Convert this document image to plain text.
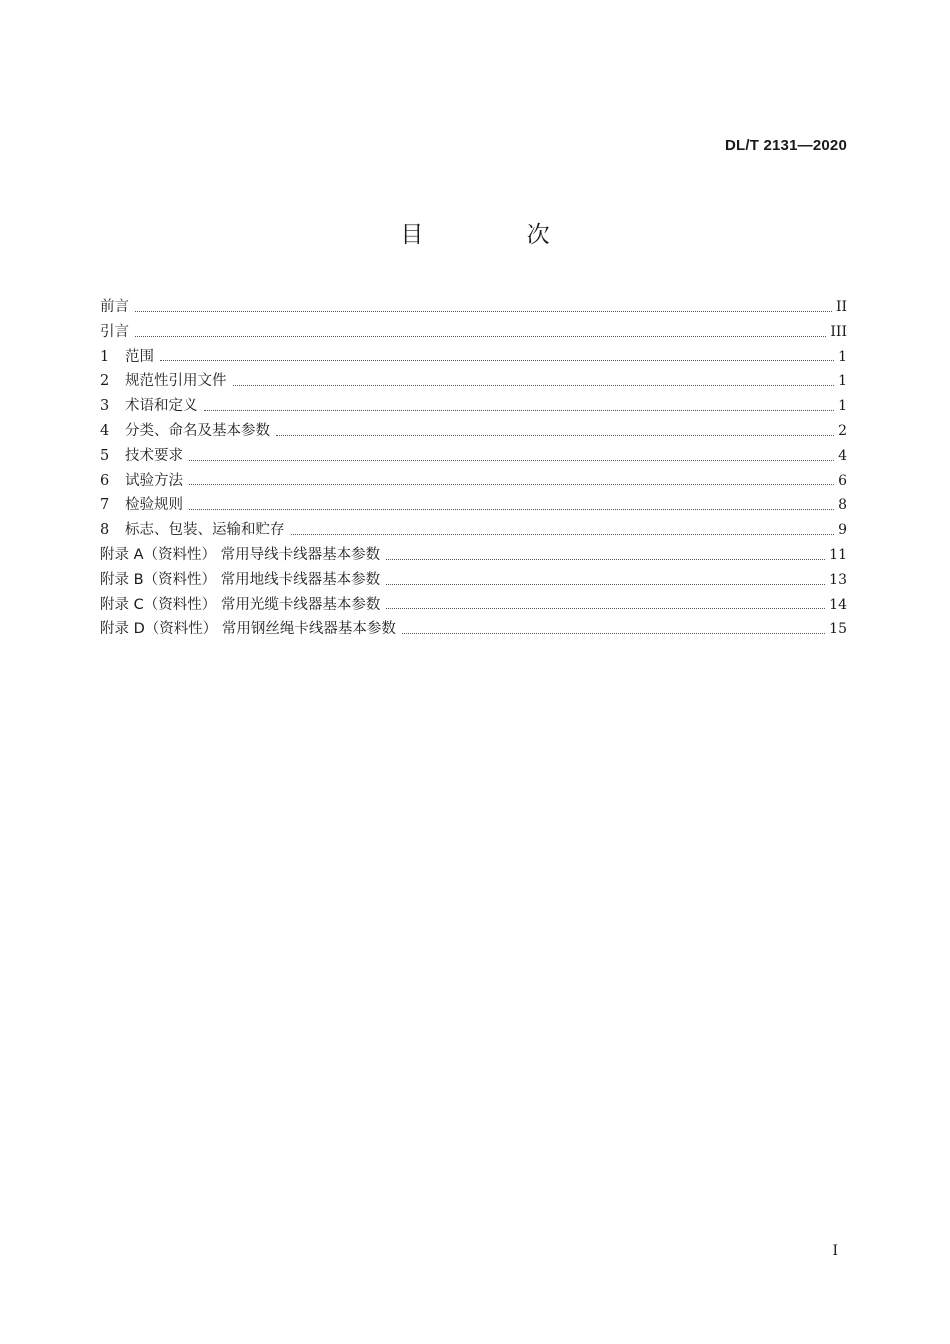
DL/T 2131—2020
目 次
前言	II
引言	III
1	范围	1
2	规范性引用文件	1
3	术语和定义	1
4	分类、命名及基本参数	2
5	技术要求	4
6	试验方法	6
7	检验规则	8
8	标志、包装、运输和贮存	9
附录 A（资料性） 常用导线卡线器基本参数	11
附录 B（资料性） 常用地线卡线器基本参数	13
附录 C（资料性） 常用光缆卡线器基本参数	14
附录 D（资料性） 常用钢丝绳卡线器基本参数	15
I
